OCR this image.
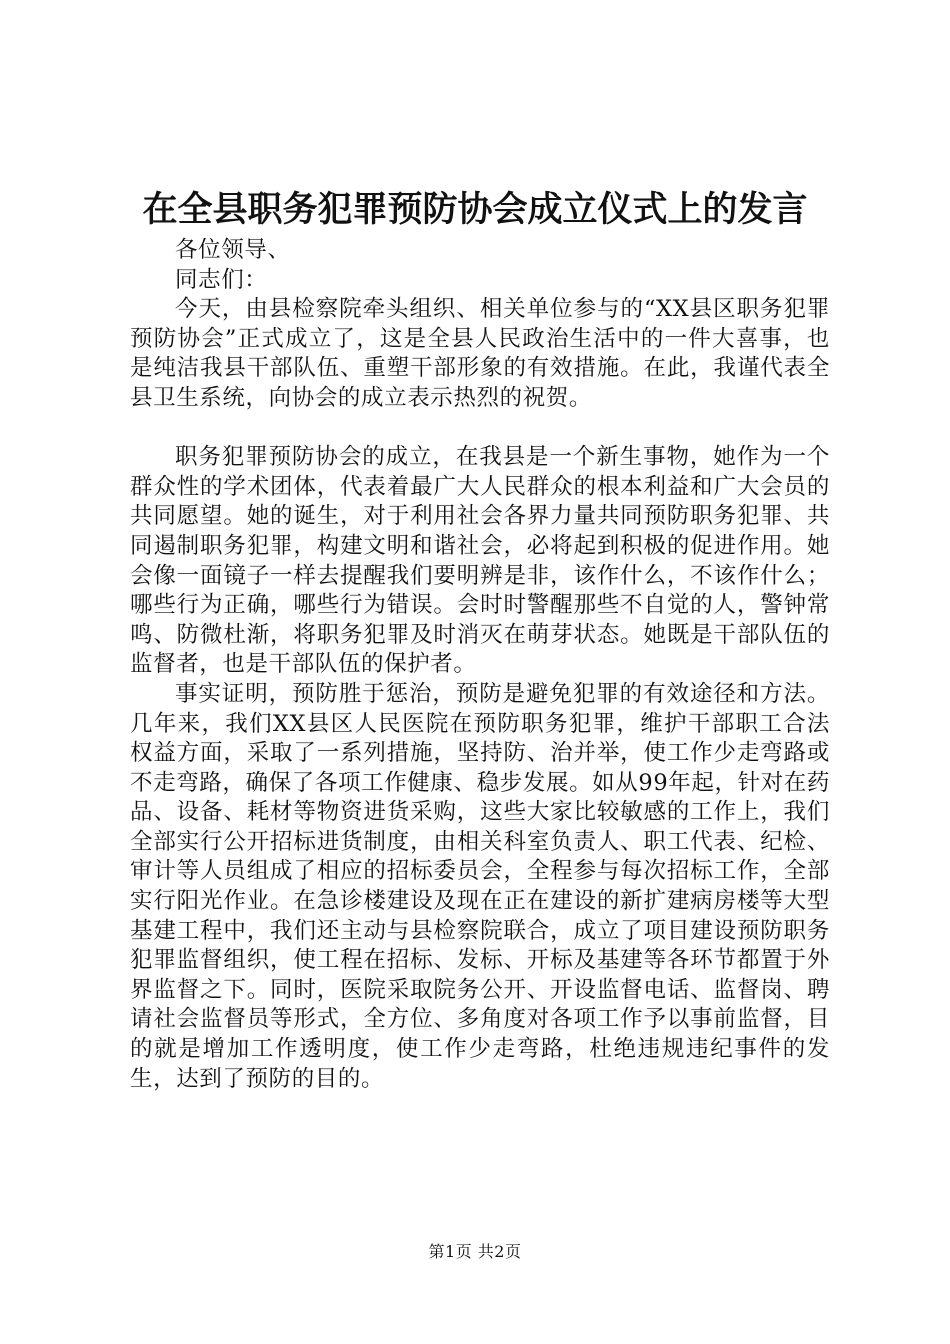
在全县职务犯罪预防协会成立仪式上的发言

各位领导、

同志们：

今天，由县检察院牵头组织、相关单位参与的“XX县区职务犯罪预防协会”正式成立了，这是全县人民政治生活中的一件大喜事，也是纯洁我县干部队伍、重塑干部形象的有效措施。在此，我谨代表全县卫生系统，向协会的成立表示热烈的祝贺。

职务犯罪预防协会的成立，在我县是一个新生事物，她作为一个群众性的学术团体，代表着最广大人民群众的根本利益和广大会员的共同愿望。她的诞生，对于利用社会各界力量共同预防职务犯罪、共同遏制职务犯罪，构建文明和谐社会，必将起到积极的促进作用。她会像一面镜子一样去提醒我们要明辨是非，该作什么，不该作什么；哪些行为正确，哪些行为错误。会时时警醒那些不自觉的人，警钟常鸣、防微杜渐，将职务犯罪及时消灭在萌芽状态。她既是干部队伍的监督者，也是干部队伍的保护者。

事实证明，预防胜于惩治，预防是避免犯罪的有效途径和方法。几年来，我们XX县区人民医院在预防职务犯罪，维护干部职工合法权益方面，采取了一系列措施，坚持防、治并举，使工作少走弯路或不走弯路，确保了各项工作健康、稳步发展。如从99年起，针对在药品、设备、耗材等物资进货采购，这些大家比较敏感的工作上，我们全部实行公开招标进货制度，由相关科室负责人、职工代表、纪检、审计等人员组成了相应的招标委员会，全程参与每次招标工作，全部实行阳光作业。在急诊楼建设及现在正在建设的新扩建病房楼等大型基建工程中，我们还主动与县检察院联合，成立了项目建设预防职务犯罪监督组织，使工程在招标、发标、开标及基建等各环节都置于外界监督之下。同时，医院采取院务公开、开设监督电话、监督岗、聘请社会监督员等形式，全方位、多角度对各项工作予以事前监督，目的就是增加工作透明度，使工作少走弯路，杜绝违规违纪事件的发生，达到了预防的目的。

第1页 共2页
